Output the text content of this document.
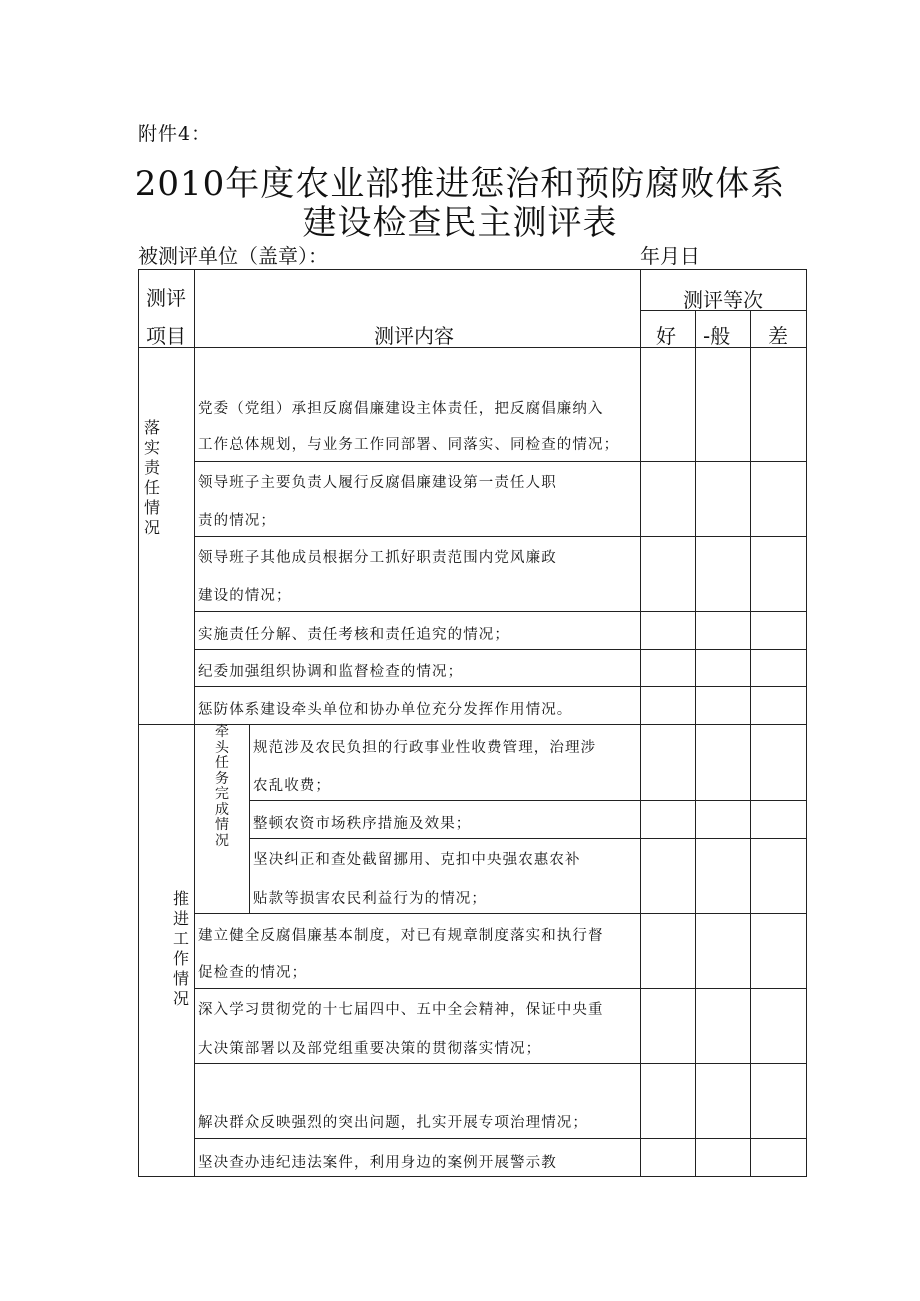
附件4：
2010年度农业部推进惩治和预防腐败体系
建设检查民主测评表
被测评单位（盖章）：	年月日
测评
项目	测评内容
测评等次
好 -般 差
落实责任情况
党委（党组）承担反腐倡廉建设主体责任，把反腐倡廉纳入
工作总体规划，与业务工作同部署、同落实、同检查的情况；
领导班子主要负责人履行反腐倡廉建设第一责任人职
责的情况；
领导班子其他成员根据分工抓好职责范围内党风廉政
建设的情况；
实施责任分解、责任考核和责任追究的情况；
纪委加强组织协调和监督检查的情况；
惩防体系建设牵头单位和协办单位充分发挥作用情况。
推进工作情况
牵头任务完成情况
规范涉及农民负担的行政事业性收费管理，治理涉
农乱收费；
整顿农资市场秩序措施及效果；
坚决纠正和查处截留挪用、克扣中央强农惠农补
贴款等损害农民利益行为的情况；
建立健全反腐倡廉基本制度，对已有规章制度落实和执行督
促检查的情况；
深入学习贯彻党的十七届四中、五中全会精神，保证中央重
大决策部署以及部党组重要决策的贯彻落实情况；
解决群众反映强烈的突出问题，扎实开展专项治理情况；
坚决查办违纪违法案件，利用身边的案例开展警示教
